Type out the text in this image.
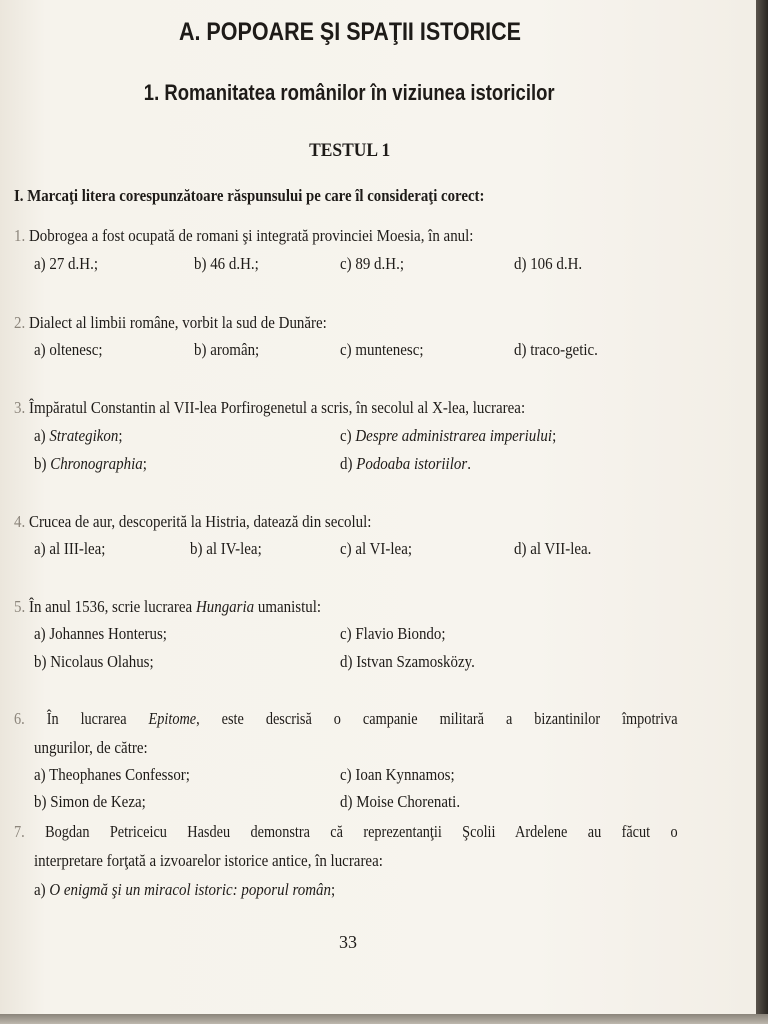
A. POPOARE ŞI SPAŢII ISTORICE
1. Romanitatea românilor în viziunea istoricilor
TESTUL 1
I. Marcaţi litera corespunzătoare răspunsului pe care îl consideraţi corect:
1. Dobrogea a fost ocupată de romani şi integrată provinciei Moesia, în anul:
a) 27 d.H.;	b) 46 d.H.;	c) 89 d.H.;	d) 106 d.H.
2. Dialect al limbii române, vorbit la sud de Dunăre:
a) oltenesc;	b) aromân;	c) muntenesc;	d) traco-getic.
3. Împăratul Constantin al VII-lea Porfirogenetul a scris, în secolul al X-lea, lucrarea:
a) Strategikon;
b) Chronographia;
c) Despre administrarea imperiului;
d) Podoaba istoriilor.
4. Crucea de aur, descoperită la Histria, datează din secolul:
a) al III-lea;	b) al IV-lea;	c) al VI-lea;	d) al VII-lea.
5. În anul 1536, scrie lucrarea Hungaria umanistul:
a) Johannes Honterus;
b) Nicolaus Olahus;
c) Flavio Biondo;
d) Istvan Szamosközy.
6. În lucrarea Epitome, este descrisă o campanie militară a bizantinilor împotriva
ungurilor, de către:
a) Theophanes Confessor;
b) Simon de Keza;
c) Ioan Kynnamos;
d) Moise Chorenati.
7. Bogdan Petriceicu Hasdeu demonstra că reprezentanţii Şcolii Ardelene au făcut o
interpretare forţată a izvoarelor istorice antice, în lucrarea:
a) O enigmă şi un miracol istoric: poporul român;
33
